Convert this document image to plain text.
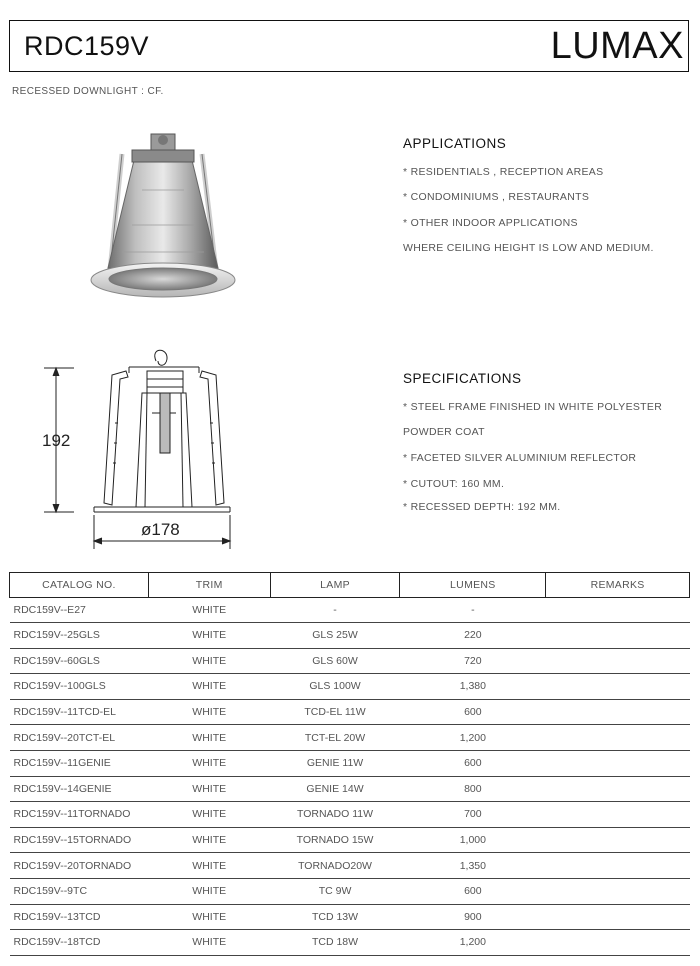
RDC159V	LUMAX
RECESSED DOWNLIGHT : CF.
APPLICATIONS
* RESIDENTIALS , RECEPTION AREAS
* CONDOMINIUMS , RESTAURANTS
* OTHER INDOOR APPLICATIONS
WHERE CEILING HEIGHT IS LOW AND MEDIUM.
192
ø178
SPECIFICATIONS
* STEEL FRAME FINISHED IN WHITE POLYESTER
POWDER COAT
* FACETED SILVER ALUMINIUM REFLECTOR
* CUTOUT: 160 MM.
* RECESSED DEPTH: 192 MM.
CATALOG NO.	TRIM	LAMP	LUMENS	REMARKS
RDC159V--E27	WHITE	-	-	
RDC159V--25GLS	WHITE	GLS 25W	220	
RDC159V--60GLS	WHITE	GLS 60W	720	
RDC159V--100GLS	WHITE	GLS 100W	1,380	
RDC159V--11TCD-EL	WHITE	TCD-EL 11W	600	
RDC159V--20TCT-EL	WHITE	TCT-EL 20W	1,200	
RDC159V--11GENIE	WHITE	GENIE 11W	600	
RDC159V--14GENIE	WHITE	GENIE 14W	800	
RDC159V--11TORNADO	WHITE	TORNADO 11W	700	
RDC159V--15TORNADO	WHITE	TORNADO 15W	1,000	
RDC159V--20TORNADO	WHITE	TORNADO20W	1,350	
RDC159V--9TC	WHITE	TC 9W	600	
RDC159V--13TCD	WHITE	TCD 13W	900	
RDC159V--18TCD	WHITE	TCD 18W	1,200	
